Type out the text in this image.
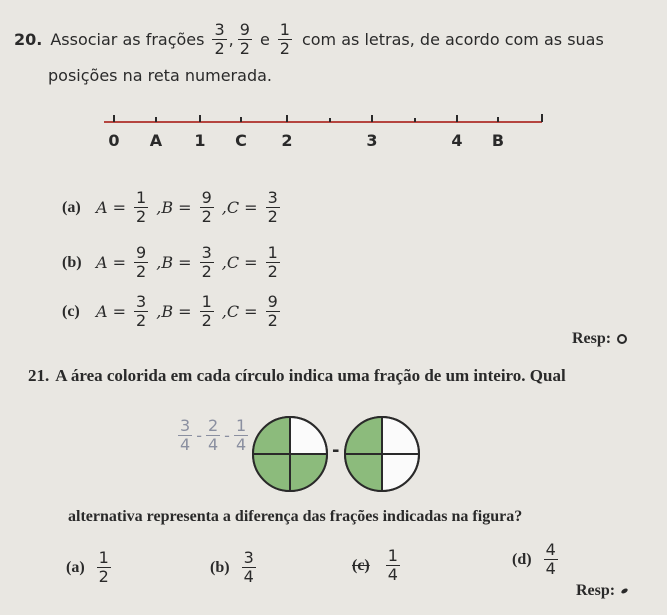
20. Associar as frações $\frac{3}{2}$ , $\frac{9}{2}$ e $\frac{1}{2}$ com as letras, de acordo com as suas
posições na reta numerada.
0 A 1 C 2	3	4 B
(a) $A = \frac{1}{2} ,B = \frac{9}{2} ,C = \frac{3}{2}$
(b) $A = \frac{9}{2} ,B = \frac{3}{2} ,C = \frac{1}{2}$
(c)	$A = \frac{3}{2} ,B = \frac{1}{2} ,C = \frac{9}{2}$
Resp:
21. A área colorida em cada círculo indica uma fração de um inteiro. Qual
$\frac{3}{4} - \frac{2}{4} - \frac{1}{4}$	-
alternativa representa a diferença das frações indicadas na figura?
$(a) \frac{1}{2}$	$(b) \frac{3}{4}$	$(c) \frac{1}{4}$	$(d) \frac{4}{4}$
Resp:
